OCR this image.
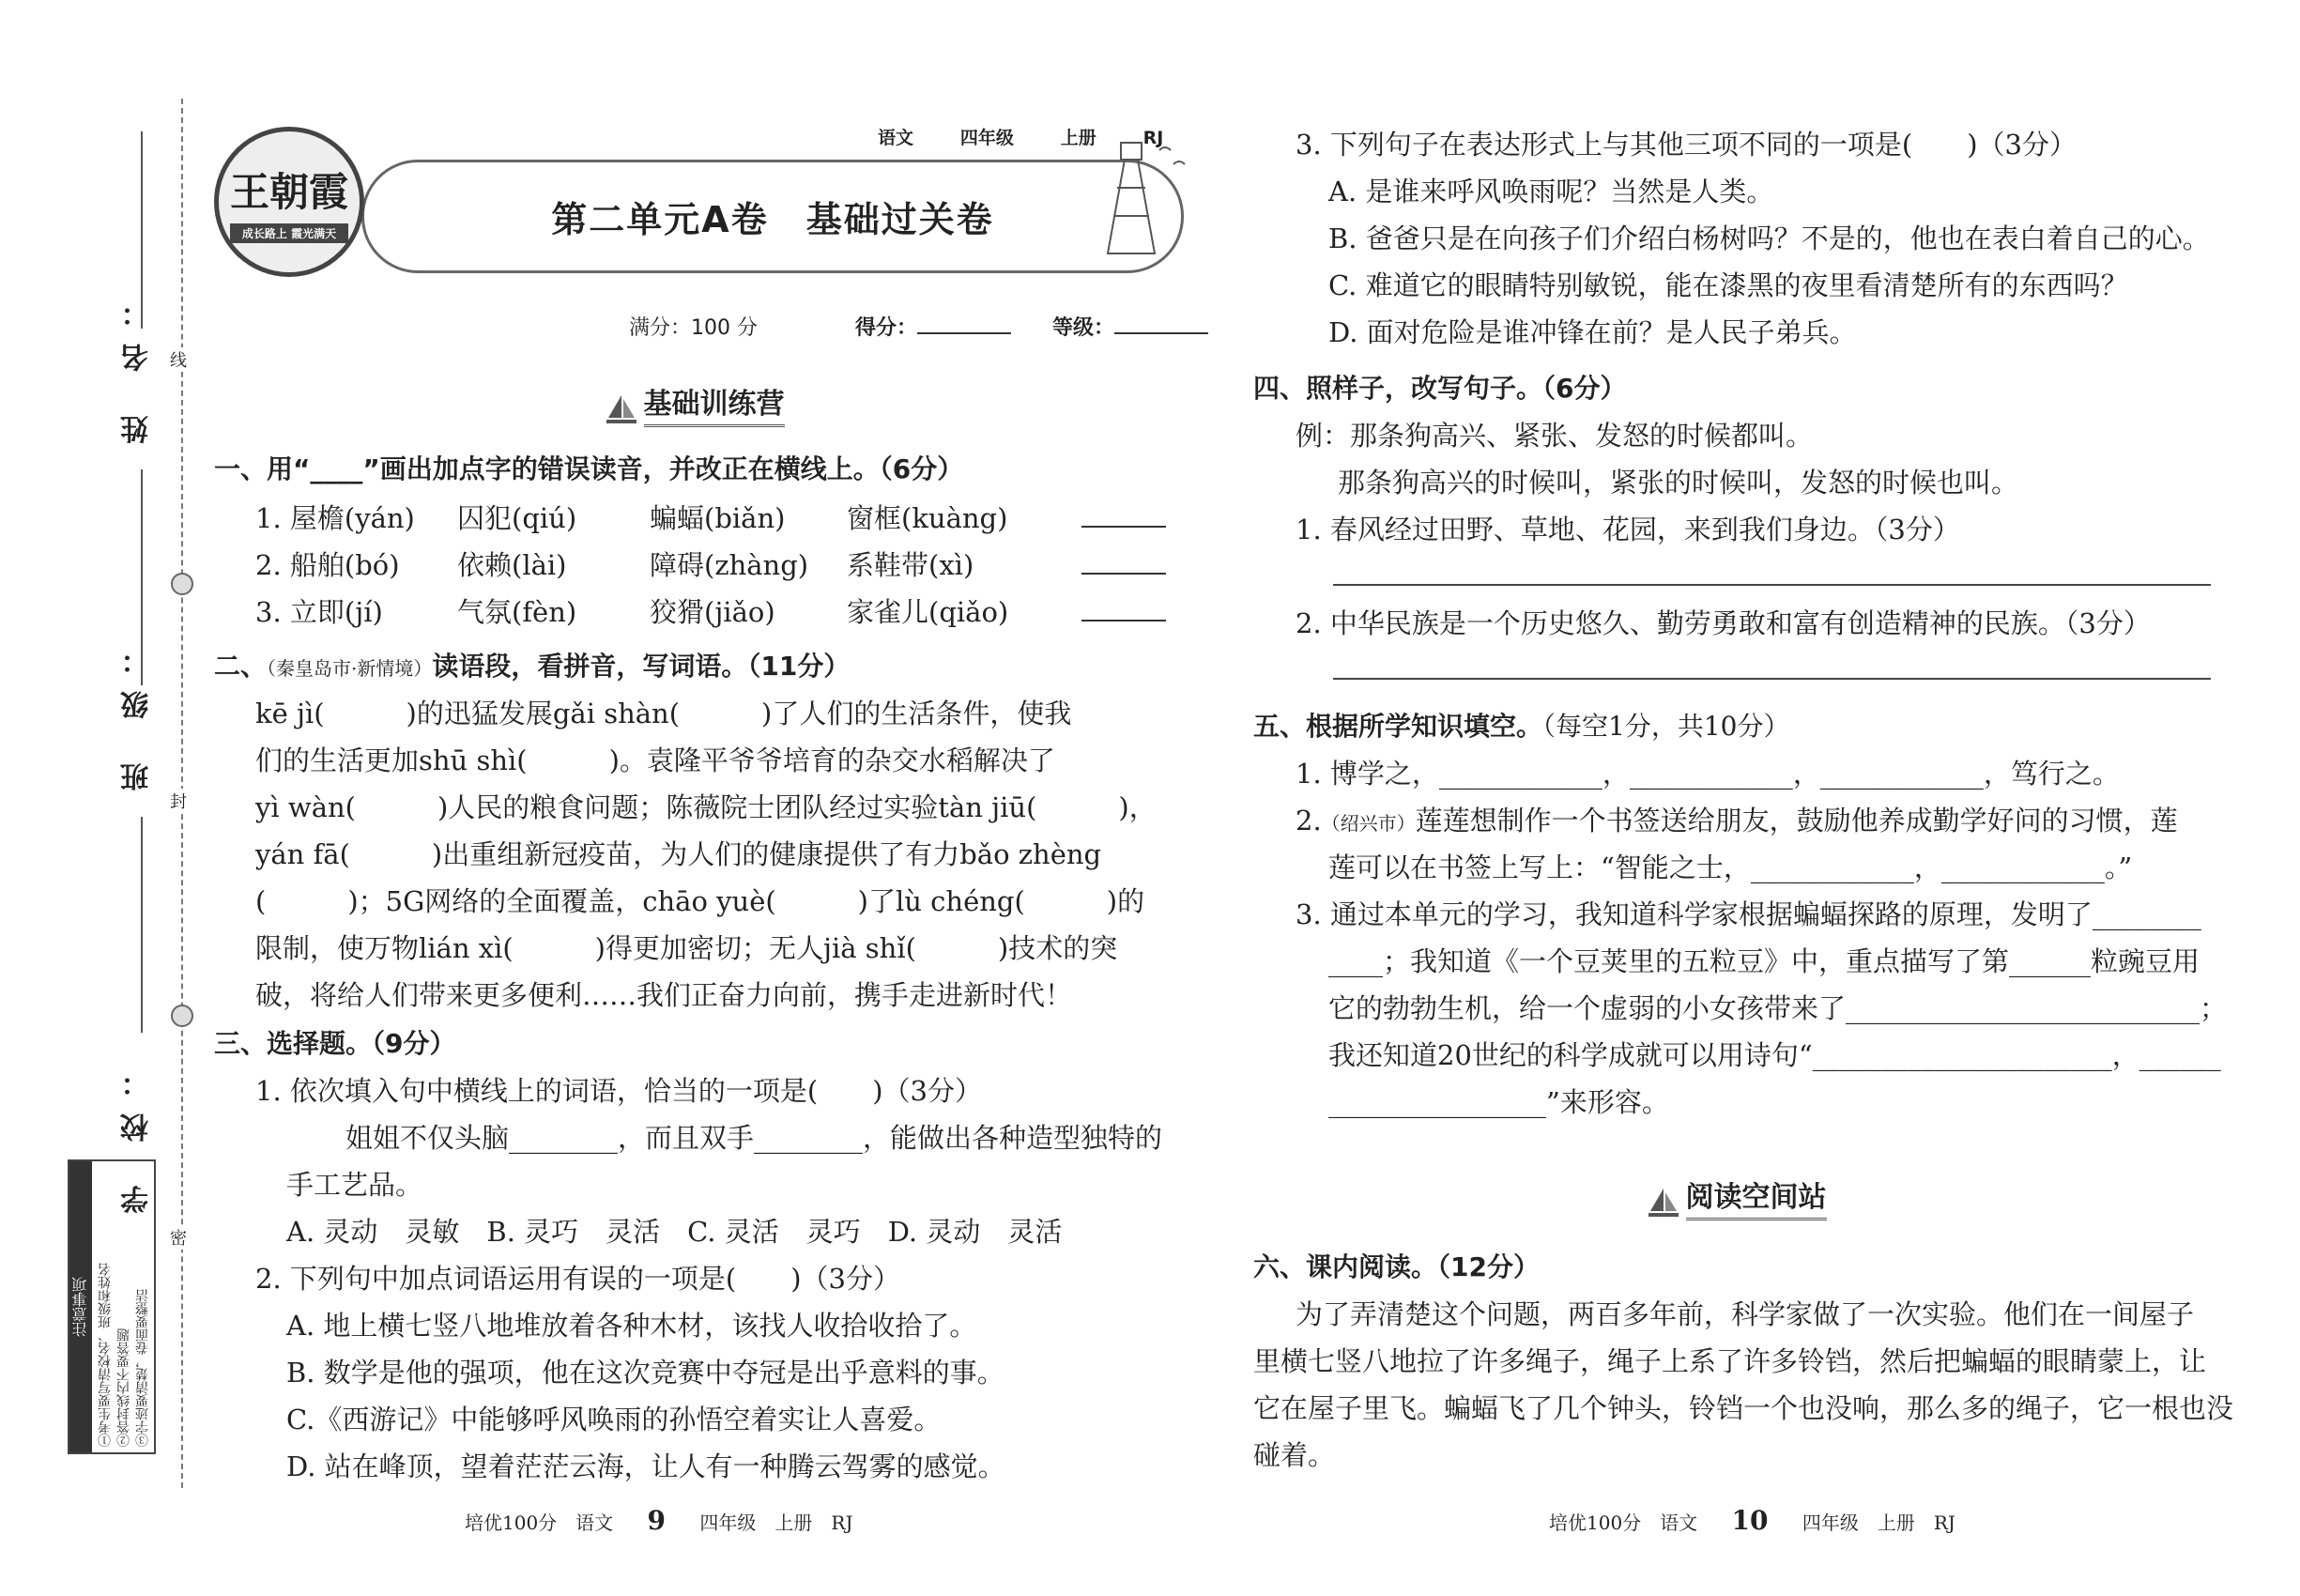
姓 名：
班 级：
学 校：
线
封
密
注意事项 ①考生要写清校名、班级和姓名 ②答封线内不要答题 ③字迹要清楚，卷面要整洁
第二单元A卷　基础过关卷
王朝霞
成长路上 霞光满天
语文	四年级	上册	RJ
满分：100 分	得分：	等级：
基础训练营
一、用“____”画出加点字的错误读音，并改正在横线上。（6分）
1. 屋檐(yán) 囚犯(qiú)	蝙蝠(biǎn) 窗框(kuàng)
2. 船舶(bó) 依赖(lài)	障碍(zhàng) 系鞋带(xì)
3. 立即(jí)	气氛(fèn)	狡猾(jiǎo)	家雀儿(qiǎo)
二、（秦皇岛市·新情境）读语段，看拼音，写词语。（11分）
kē jì(　　　)的迅猛发展gǎi shàn(　　　)了人们的生活条件，使我
们的生活更加shū shì(　　　)。袁隆平爷爷培育的杂交水稻解决了
yì wàn(　　　)人民的粮食问题；陈薇院士团队经过实验tàn jiū(　　　)，
yán fā(　　　)出重组新冠疫苗，为人们的健康提供了有力bǎo zhèng
(　　　)；5G网络的全面覆盖，chāo yuè(　　　)了lù chéng(　　　)的
限制，使万物lián xì(　　　)得更加密切；无人jià shǐ(　　　)技术的突
破，将给人们带来更多便利……我们正奋力向前，携手走进新时代！
三、选择题。（9分）
1. 依次填入句中横线上的词语，恰当的一项是(　　)（3分）
姐姐不仅头脑________，而且双手________，能做出各种造型独特的
手工艺品。
A. 灵动　灵敏　B. 灵巧　灵活　C. 灵活　灵巧　D. 灵动　灵活
2. 下列句中加点词语运用有误的一项是(　　)（3分）
A. 地上横七竖八地堆放着各种木材，该找人收拾收拾了。
B. 数学是他的强项，他在这次竞赛中夺冠是出乎意料的事。
C.《西游记》中能够呼风唤雨的孙悟空着实让人喜爱。
D. 站在峰顶，望着茫茫云海，让人有一种腾云驾雾的感觉。
培优100分　语文 9 四年级　上册　RJ
3. 下列句子在表达形式上与其他三项不同的一项是(　　)（3分）
A. 是谁来呼风唤雨呢？当然是人类。
B. 爸爸只是在向孩子们介绍白杨树吗？不是的，他也在表白着自己的心。
C. 难道它的眼睛特别敏锐，能在漆黑的夜里看清楚所有的东西吗？
D. 面对危险是谁冲锋在前？是人民子弟兵。
四、照样子，改写句子。（6分）
例：那条狗高兴、紧张、发怒的时候都叫。
那条狗高兴的时候叫，紧张的时候叫，发怒的时候也叫。
1. 春风经过田野、草地、花园，来到我们身边。（3分）
2. 中华民族是一个历史悠久、勤劳勇敢和富有创造精神的民族。（3分）
五、根据所学知识填空。（每空1分，共10分）
1. 博学之，____________，____________，____________，笃行之。
2.（绍兴市）莲莲想制作一个书签送给朋友，鼓励他养成勤学好问的习惯，莲
莲可以在书签上写上：“智能之士，____________，____________。”
3. 通过本单元的学习，我知道科学家根据蝙蝠探路的原理，发明了________
____；我知道《一个豆荚里的五粒豆》中，重点描写了第______粒豌豆用
它的勃勃生机，给一个虚弱的小女孩带来了__________________________；
我还知道20世纪的科学成就可以用诗句“______________________，______
________________”来形容。
阅读空间站
六、课内阅读。（12分）
为了弄清楚这个问题，两百多年前，科学家做了一次实验。他们在一间屋子
里横七竖八地拉了许多绳子，绳子上系了许多铃铛，然后把蝙蝠的眼睛蒙上，让
它在屋子里飞。蝙蝠飞了几个钟头，铃铛一个也没响，那么多的绳子，它一根也没
碰着。
培优100分　语文 10 四年级　上册　RJ
